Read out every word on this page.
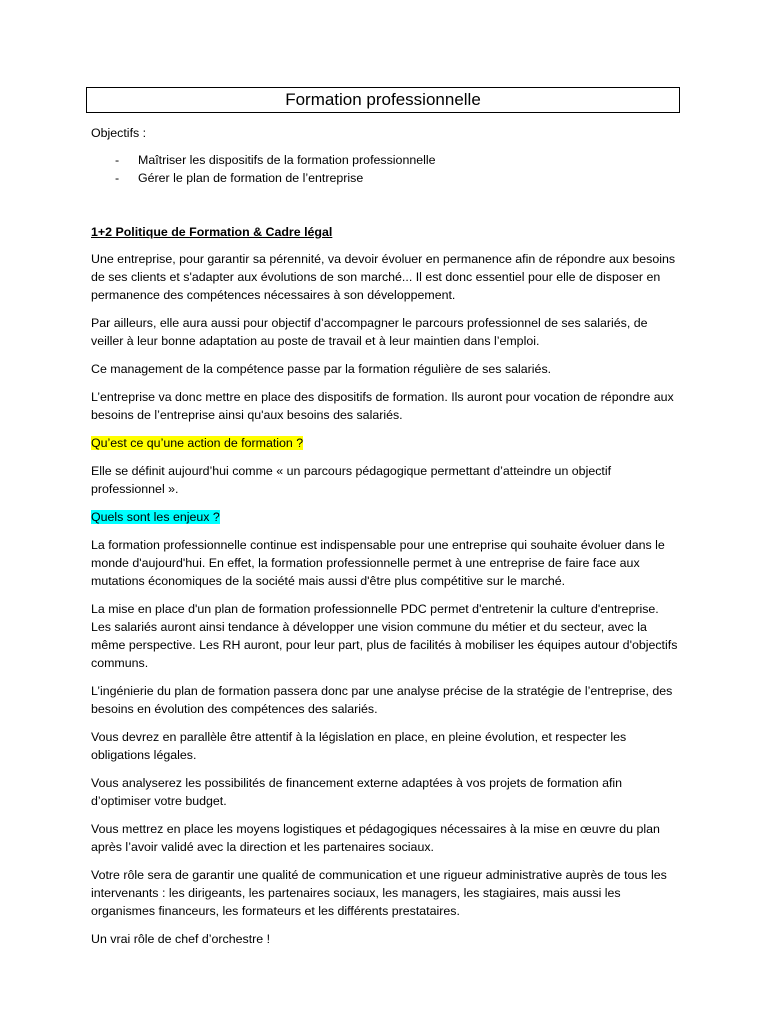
Formation professionnelle

Objectifs :

- Maîtriser les dispositifs de la formation professionnelle
- Gérer le plan de formation de l’entreprise

1+2 Politique de Formation & Cadre légal

Une entreprise, pour garantir sa pérennité, va devoir évoluer en permanence afin de répondre aux besoins de ses clients et s'adapter aux évolutions de son marché... Il est donc essentiel pour elle de disposer en permanence des compétences nécessaires à son développement.

Par ailleurs, elle aura aussi pour objectif d’accompagner le parcours professionnel de ses salariés, de veiller à leur bonne adaptation au poste de travail et à leur maintien dans l’emploi.

Ce management de la compétence passe par la formation régulière de ses salariés.

L’entreprise va donc mettre en place des dispositifs de formation. Ils auront pour vocation de répondre aux besoins de l’entreprise ainsi qu'aux besoins des salariés.

Qu’est ce qu’une action de formation ?

Elle se définit aujourd’hui comme « un parcours pédagogique permettant d’atteindre un objectif professionnel ».

Quels sont les enjeux ?

La formation professionnelle continue est indispensable pour une entreprise qui souhaite évoluer dans le monde d'aujourd'hui. En effet, la formation professionnelle permet à une entreprise de faire face aux mutations économiques de la société mais aussi d'être plus compétitive sur le marché.

La mise en place d'un plan de formation professionnelle PDC permet d'entretenir la culture d'entreprise. Les salariés auront ainsi tendance à développer une vision commune du métier et du secteur, avec la même perspective. Les RH auront, pour leur part, plus de facilités à mobiliser les équipes autour d'objectifs communs.

L’ingénierie du plan de formation passera donc par une analyse précise de la stratégie de l’entreprise, des besoins en évolution des compétences des salariés.

Vous devrez en parallèle être attentif à la législation en place, en pleine évolution, et respecter les obligations légales.

Vous analyserez les possibilités de financement externe adaptées à vos projets de formation afin d’optimiser votre budget.

Vous mettrez en place les moyens logistiques et pédagogiques nécessaires à la mise en œuvre du plan après l’avoir validé avec la direction et les partenaires sociaux.

Votre rôle sera de garantir une qualité de communication et une rigueur administrative auprès de tous les intervenants : les dirigeants, les partenaires sociaux, les managers, les stagiaires, mais aussi les organismes financeurs, les formateurs et les différents prestataires.

Un vrai rôle de chef d’orchestre !
